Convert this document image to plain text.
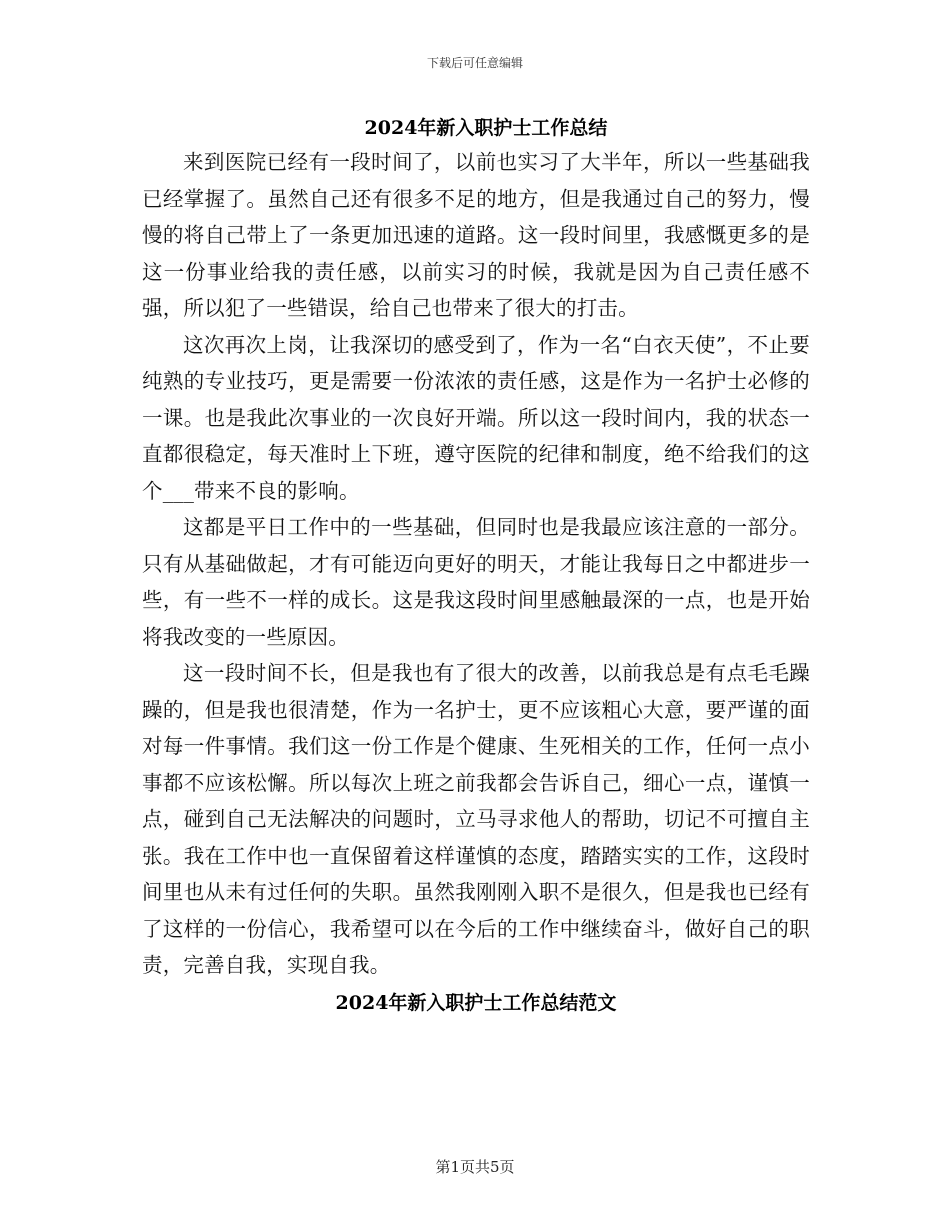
下载后可任意编辑
2024年新入职护士工作总结

来到医院已经有一段时间了，以前也实习了大半年，所以一些基础我已经掌握了。虽然自己还有很多不足的地方，但是我通过自己的努力，慢慢的将自己带上了一条更加迅速的道路。这一段时间里，我感慨更多的是这一份事业给我的责任感，以前实习的时候，我就是因为自己责任感不强，所以犯了一些错误，给自己也带来了很大的打击。

这次再次上岗，让我深切的感受到了，作为一名“白衣天使”，不止要纯熟的专业技巧，更是需要一份浓浓的责任感，这是作为一名护士必修的一课。也是我此次事业的一次良好开端。所以这一段时间内，我的状态一直都很稳定，每天准时上下班，遵守医院的纪律和制度，绝不给我们的这个___带来不良的影响。

这都是平日工作中的一些基础，但同时也是我最应该注意的一部分。只有从基础做起，才有可能迈向更好的明天，才能让我每日之中都进步一些，有一些不一样的成长。这是我这段时间里感触最深的一点，也是开始将我改变的一些原因。

这一段时间不长，但是我也有了很大的改善，以前我总是有点毛毛躁躁的，但是我也很清楚，作为一名护士，更不应该粗心大意，要严谨的面对每一件事情。我们这一份工作是个健康、生死相关的工作，任何一点小事都不应该松懈。所以每次上班之前我都会告诉自己，细心一点，谨慎一点，碰到自己无法解决的问题时，立马寻求他人的帮助，切记不可擅自主张。我在工作中也一直保留着这样谨慎的态度，踏踏实实的工作，这段时间里也从未有过任何的失职。虽然我刚刚入职不是很久，但是我也已经有了这样的一份信心，我希望可以在今后的工作中继续奋斗，做好自己的职责，完善自我，实现自我。

2024年新入职护士工作总结范文
第1页共5页
